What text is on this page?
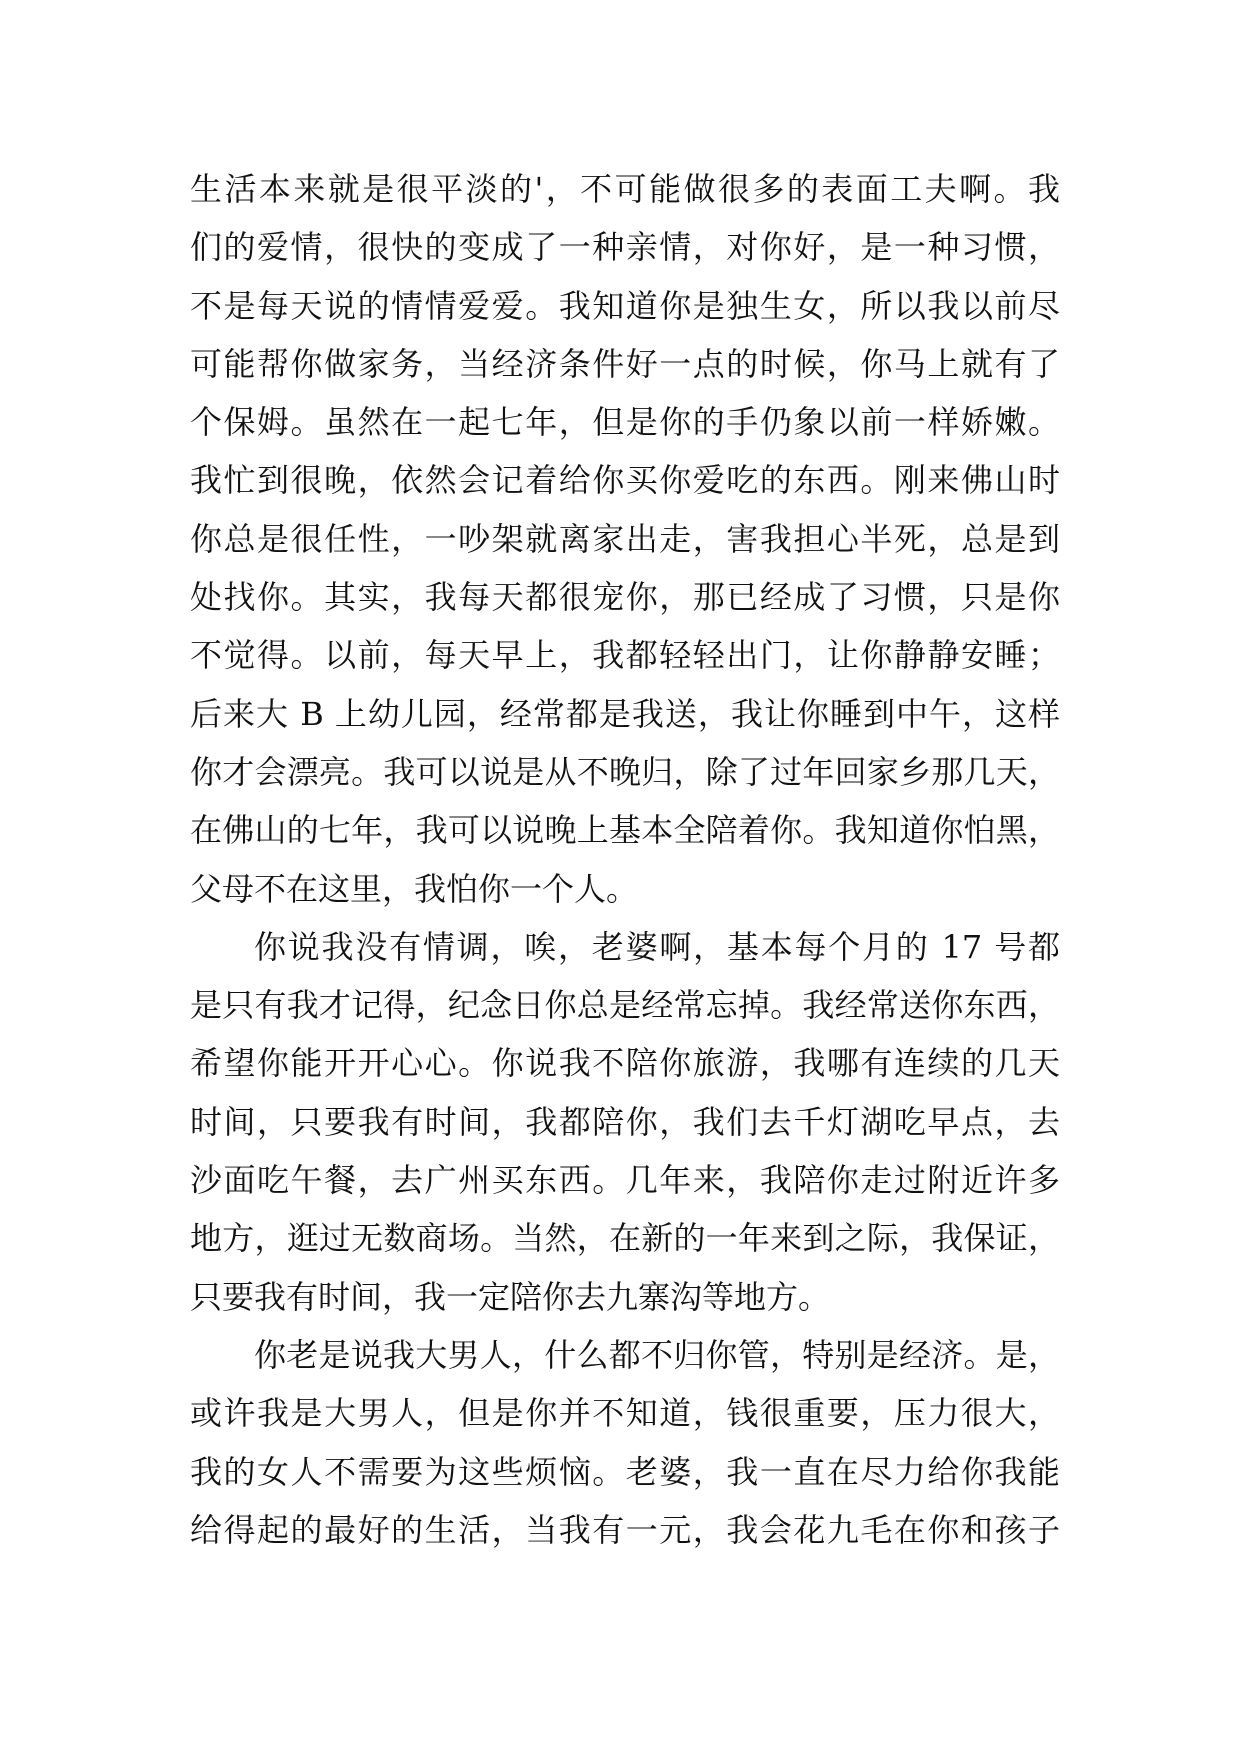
生活本来就是很平淡的'，不可能做很多的表面工夫啊。我
们的爱情，很快的变成了一种亲情，对你好，是一种习惯，
不是每天说的情情爱爱。我知道你是独生女，所以我以前尽
可能帮你做家务，当经济条件好一点的时候，你马上就有了
个保姆。虽然在一起七年，但是你的手仍象以前一样娇嫩。
我忙到很晚，依然会记着给你买你爱吃的东西。刚来佛山时
你总是很任性，一吵架就离家出走，害我担心半死，总是到
处找你。其实，我每天都很宠你，那已经成了习惯，只是你
不觉得。以前，每天早上，我都轻轻出门，让你静静安睡；
后来大 B 上幼儿园，经常都是我送，我让你睡到中午，这样
你才会漂亮。我可以说是从不晚归，除了过年回家乡那几天，
在佛山的七年，我可以说晚上基本全陪着你。我知道你怕黑，
父母不在这里，我怕你一个人。
你说我没有情调，唉，老婆啊，基本每个月的 17 号都
是只有我才记得，纪念日你总是经常忘掉。我经常送你东西，
希望你能开开心心。你说我不陪你旅游，我哪有连续的几天
时间，只要我有时间，我都陪你，我们去千灯湖吃早点，去
沙面吃午餐，去广州买东西。几年来，我陪你走过附近许多
地方，逛过无数商场。当然，在新的一年来到之际，我保证，
只要我有时间，我一定陪你去九寨沟等地方。
你老是说我大男人，什么都不归你管，特别是经济。是，
或许我是大男人，但是你并不知道，钱很重要，压力很大，
我的女人不需要为这些烦恼。老婆，我一直在尽力给你我能
给得起的最好的生活，当我有一元，我会花九毛在你和孩子
